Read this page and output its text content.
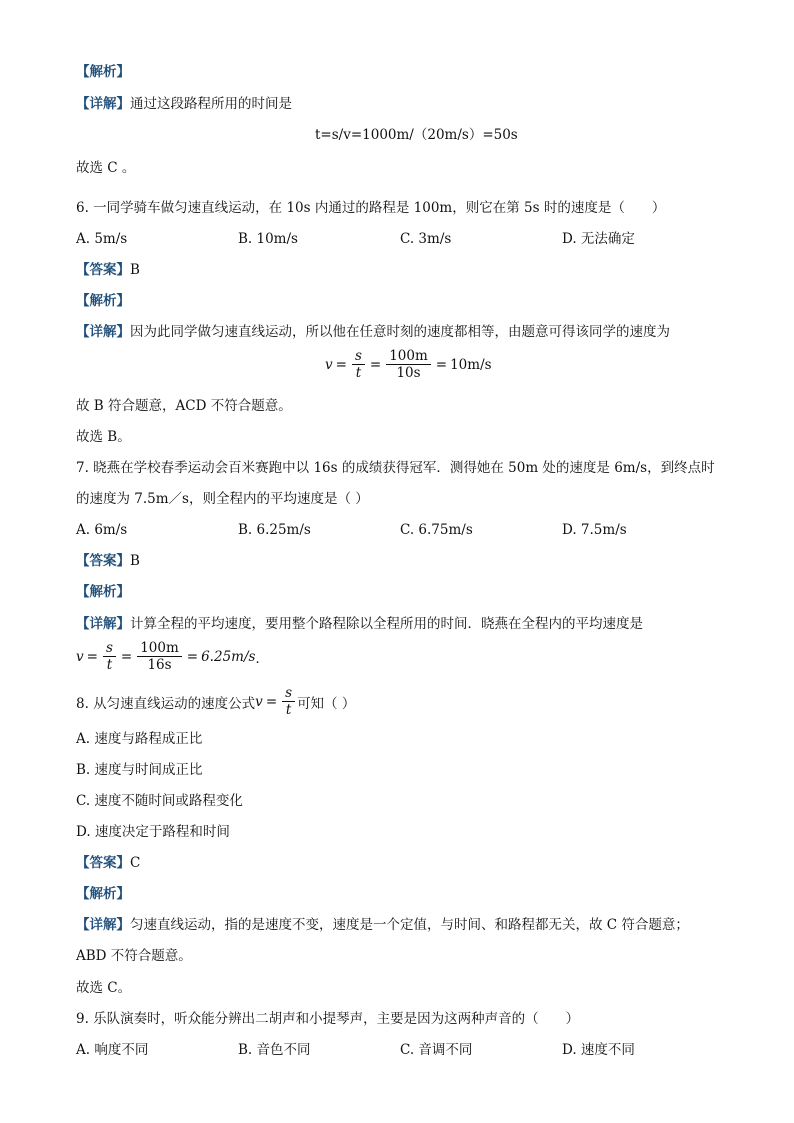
【解析】
【详解】通过这段路程所用的时间是
t=s/v=1000m/（20m/s）=50s
故选 C 。
6. 一同学骑车做匀速直线运动，在 10s 内通过的路程是 100m，则它在第 5s 时的速度是（　　）
A. 5m/s	B. 10m/s	C. 3m/s	D. 无法确定
【答案】B
【解析】
【详解】因为此同学做匀速直线运动，所以他在任意时刻的速度都相等，由题意可得该同学的速度为
$v = \frac{s}{t} = \frac{100m}{10s} = 10m/s$
故 B 符合题意，ACD 不符合题意。
故选 B。
7. 晓燕在学校春季运动会百米赛跑中以 16s 的成绩获得冠军．测得她在 50m 处的速度是 6m/s，到终点时
的速度为 7.5m／s，则全程内的平均速度是（ ）
A. 6m/s	B. 6.25m/s	C. 6.75m/s	D. 7.5m/s
【答案】B
【解析】
【详解】计算全程的平均速度，要用整个路程除以全程所用的时间．晓燕在全程内的平均速度是
$v = \frac{s}{t} = \frac{100m}{16s} = 6.25m/s$ ．
8. 从匀速直线运动的速度公式 $v = \frac{s}{t}$ 可知（ ）
A. 速度与路程成正比
B. 速度与时间成正比
C. 速度不随时间或路程变化
D. 速度决定于路程和时间
【答案】C
【解析】
【详解】匀速直线运动，指的是速度不变，速度是一个定值，与时间、和路程都无关，故 C 符合题意；
ABD 不符合题意。
故选 C。
9. 乐队演奏时，听众能分辨出二胡声和小提琴声，主要是因为这两种声音的（　　）
A. 响度不同	B. 音色不同	C. 音调不同	D. 速度不同
